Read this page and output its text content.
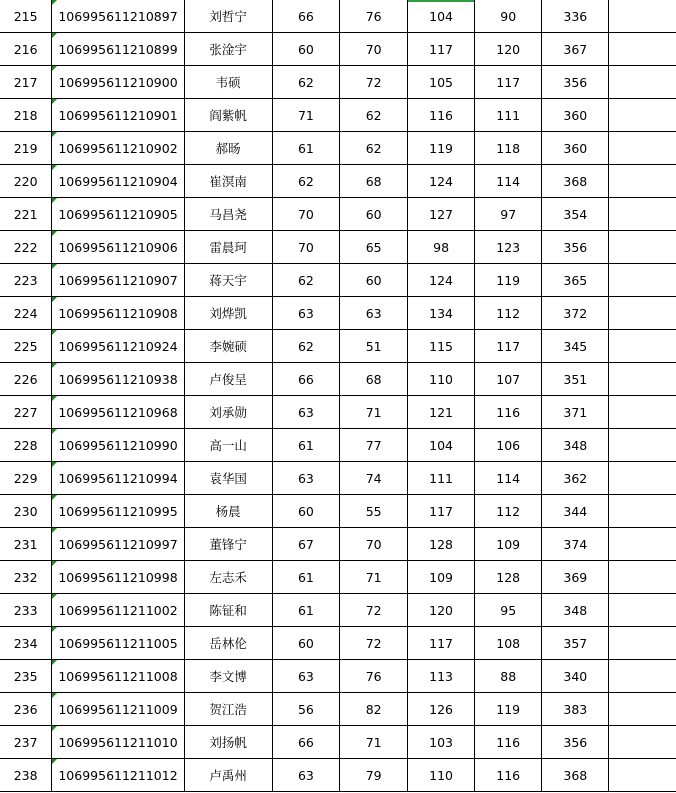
215	106995611210897	刘哲宁	66	76	104	90	336	
216	106995611210899	张淦宇	60	70	117	120	367	
217	106995611210900	韦硕	62	72	105	117	356	
218	106995611210901	阎紫帆	71	62	116	111	360	
219	106995611210902	郝旸	61	62	119	118	360	
220	106995611210904	崔溟南	62	68	124	114	368	
221	106995611210905	马昌尧	70	60	127	97	354	
222	106995611210906	雷晨珂	70	65	98	123	356	
223	106995611210907	蒋天宇	62	60	124	119	365	
224	106995611210908	刘烨凯	63	63	134	112	372	
225	106995611210924	李婉硕	62	51	115	117	345	
226	106995611210938	卢俊呈	66	68	110	107	351	
227	106995611210968	刘承勋	63	71	121	116	371	
228	106995611210990	高一山	61	77	104	106	348	
229	106995611210994	袁华国	63	74	111	114	362	
230	106995611210995	杨晨	60	55	117	112	344	
231	106995611210997	董锋宁	67	70	128	109	374	
232	106995611210998	左志禾	61	71	109	128	369	
233	106995611211002	陈钲和	61	72	120	95	348	
234	106995611211005	岳林伦	60	72	117	108	357	
235	106995611211008	李文博	63	76	113	88	340	
236	106995611211009	贺江浩	56	82	126	119	383	
237	106995611211010	刘扬帆	66	71	103	116	356	
238	106995611211012	卢禹州	63	79	110	116	368	
